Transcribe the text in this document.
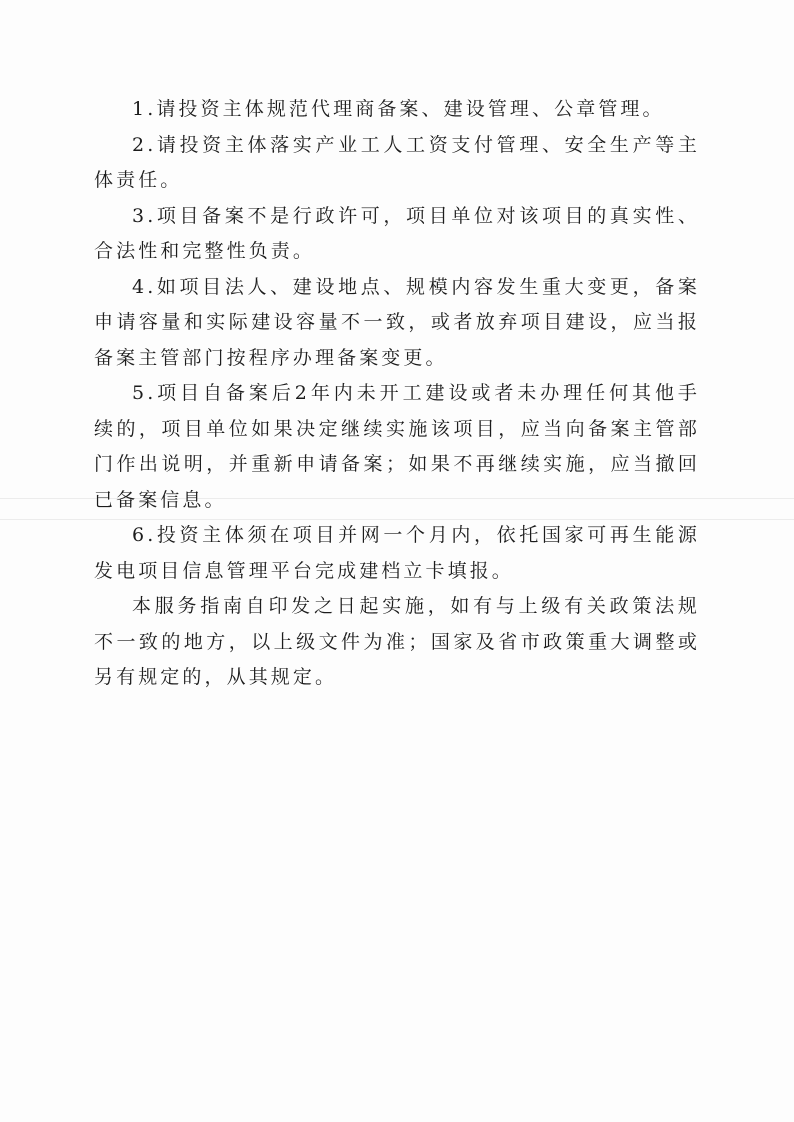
1.请投资主体规范代理商备案、建设管理、公章管理。

2.请投资主体落实产业工人工资支付管理、安全生产等主体责任。

3.项目备案不是行政许可，项目单位对该项目的真实性、合法性和完整性负责。

4.如项目法人、建设地点、规模内容发生重大变更，备案申请容量和实际建设容量不一致，或者放弃项目建设，应当报备案主管部门按程序办理备案变更。

5.项目自备案后2年内未开工建设或者未办理任何其他手续的，项目单位如果决定继续实施该项目，应当向备案主管部门作出说明，并重新申请备案；如果不再继续实施，应当撤回已备案信息。

6.投资主体须在项目并网一个月内，依托国家可再生能源发电项目信息管理平台完成建档立卡填报。

本服务指南自印发之日起实施，如有与上级有关政策法规不一致的地方，以上级文件为准；国家及省市政策重大调整或另有规定的，从其规定。
